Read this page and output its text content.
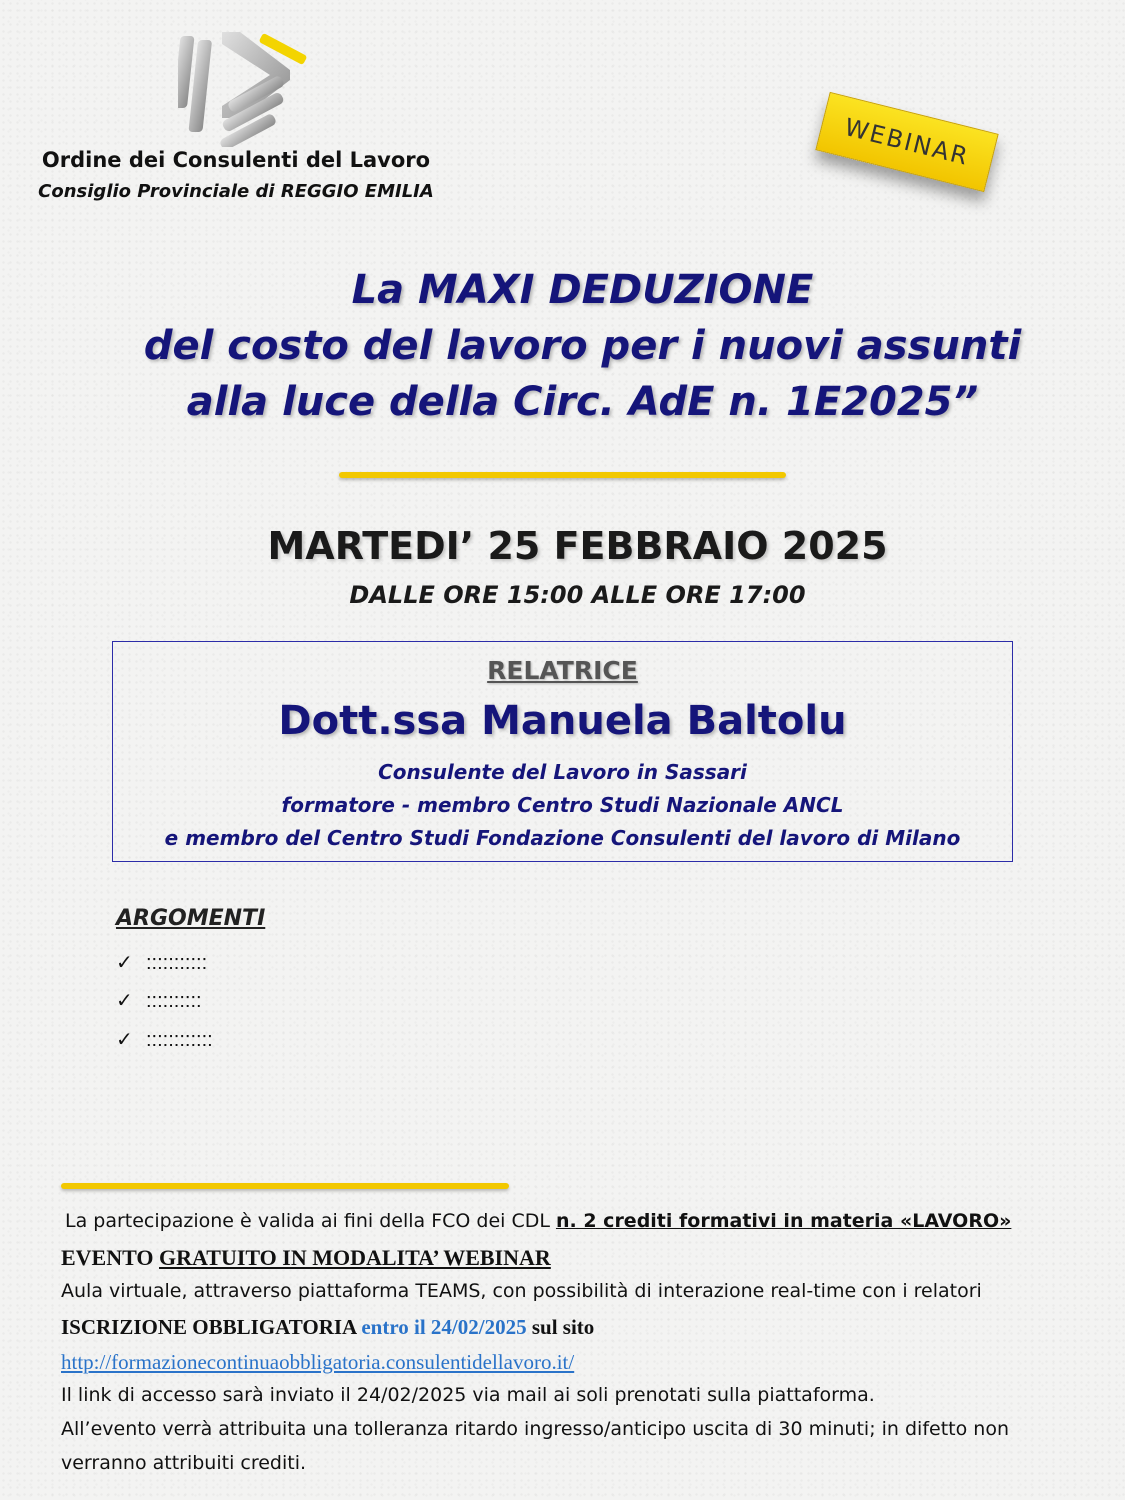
Ordine dei Consulenti del Lavoro
Consiglio Provinciale di REGGIO EMILIA
WEBINAR
La MAXI DEDUZIONE
del costo del lavoro per i nuovi assunti
alla luce della Circ. AdE n. 1E2025”
MARTEDI’ 25 FEBBRAIO 2025
DALLE ORE 15:00 ALLE ORE 17:00
RELATRICE
Dott.ssa Manuela Baltolu
Consulente del Lavoro in Sassari
formatore - membro Centro Studi Nazionale ANCL
e membro del Centro Studi Fondazione Consulenti del lavoro di Milano
ARGOMENTI
✓ :::::::::::
✓ ::::::::::
✓ ::::::::::::
La partecipazione è valida ai fini della FCO dei CDL n. 2 crediti formativi in materia «LAVORO»
EVENTO GRATUITO IN MODALITA’ WEBINAR
Aula virtuale, attraverso piattaforma TEAMS, con possibilità di interazione real-time con i relatori
ISCRIZIONE OBBLIGATORIA entro il 24/02/2025 sul sito
http://formazionecontinuaobbligatoria.consulentidellavoro.it/
Il link di accesso sarà inviato il 24/02/2025 via mail ai soli prenotati sulla piattaforma.
All’evento verrà attribuita una tolleranza ritardo ingresso/anticipo uscita di 30 minuti; in difetto non
verranno attribuiti crediti.
